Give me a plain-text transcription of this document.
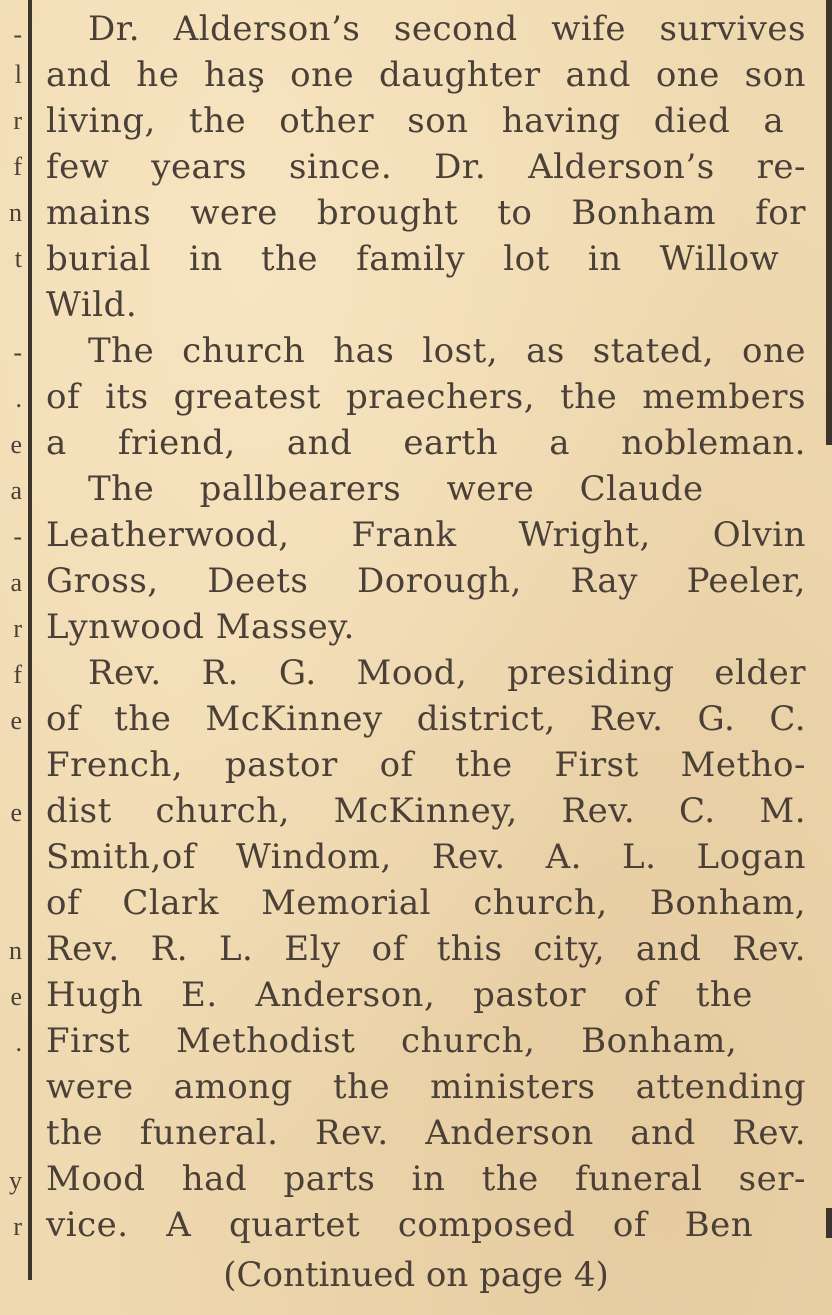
-
l
r
f
n
t
-
.
e
a
-
a
r
f
e
e
n
e
.
y
r

Dr. Alderson’s second wife survives
and he haş one daughter and one son
living, the other son having died a
few years since. Dr. Alderson’s re-
mains were brought to Bonham for
burial in the family lot in Willow
Wild.

The church has lost, as stated, one
of its greatest praechers, the members
a friend, and earth a nobleman.

The pallbearers were Claude
Leatherwood, Frank Wright, Olvin
Gross, Deets Dorough, Ray Peeler,
Lynwood Massey.

Rev. R. G. Mood, presiding elder
of the McKinney district, Rev. G. C.
French, pastor of the First Metho-
dist church, McKinney, Rev. C. M.
Smith,of Windom, Rev. A. L. Logan
of Clark Memorial church, Bonham,
Rev. R. L. Ely of this city, and Rev.
Hugh E. Anderson, pastor of the
First Methodist church, Bonham,
were among the ministers attending
the funeral. Rev. Anderson and Rev.
Mood had parts in the funeral ser-
vice. A quartet composed of Ben

(Continued on page 4)
